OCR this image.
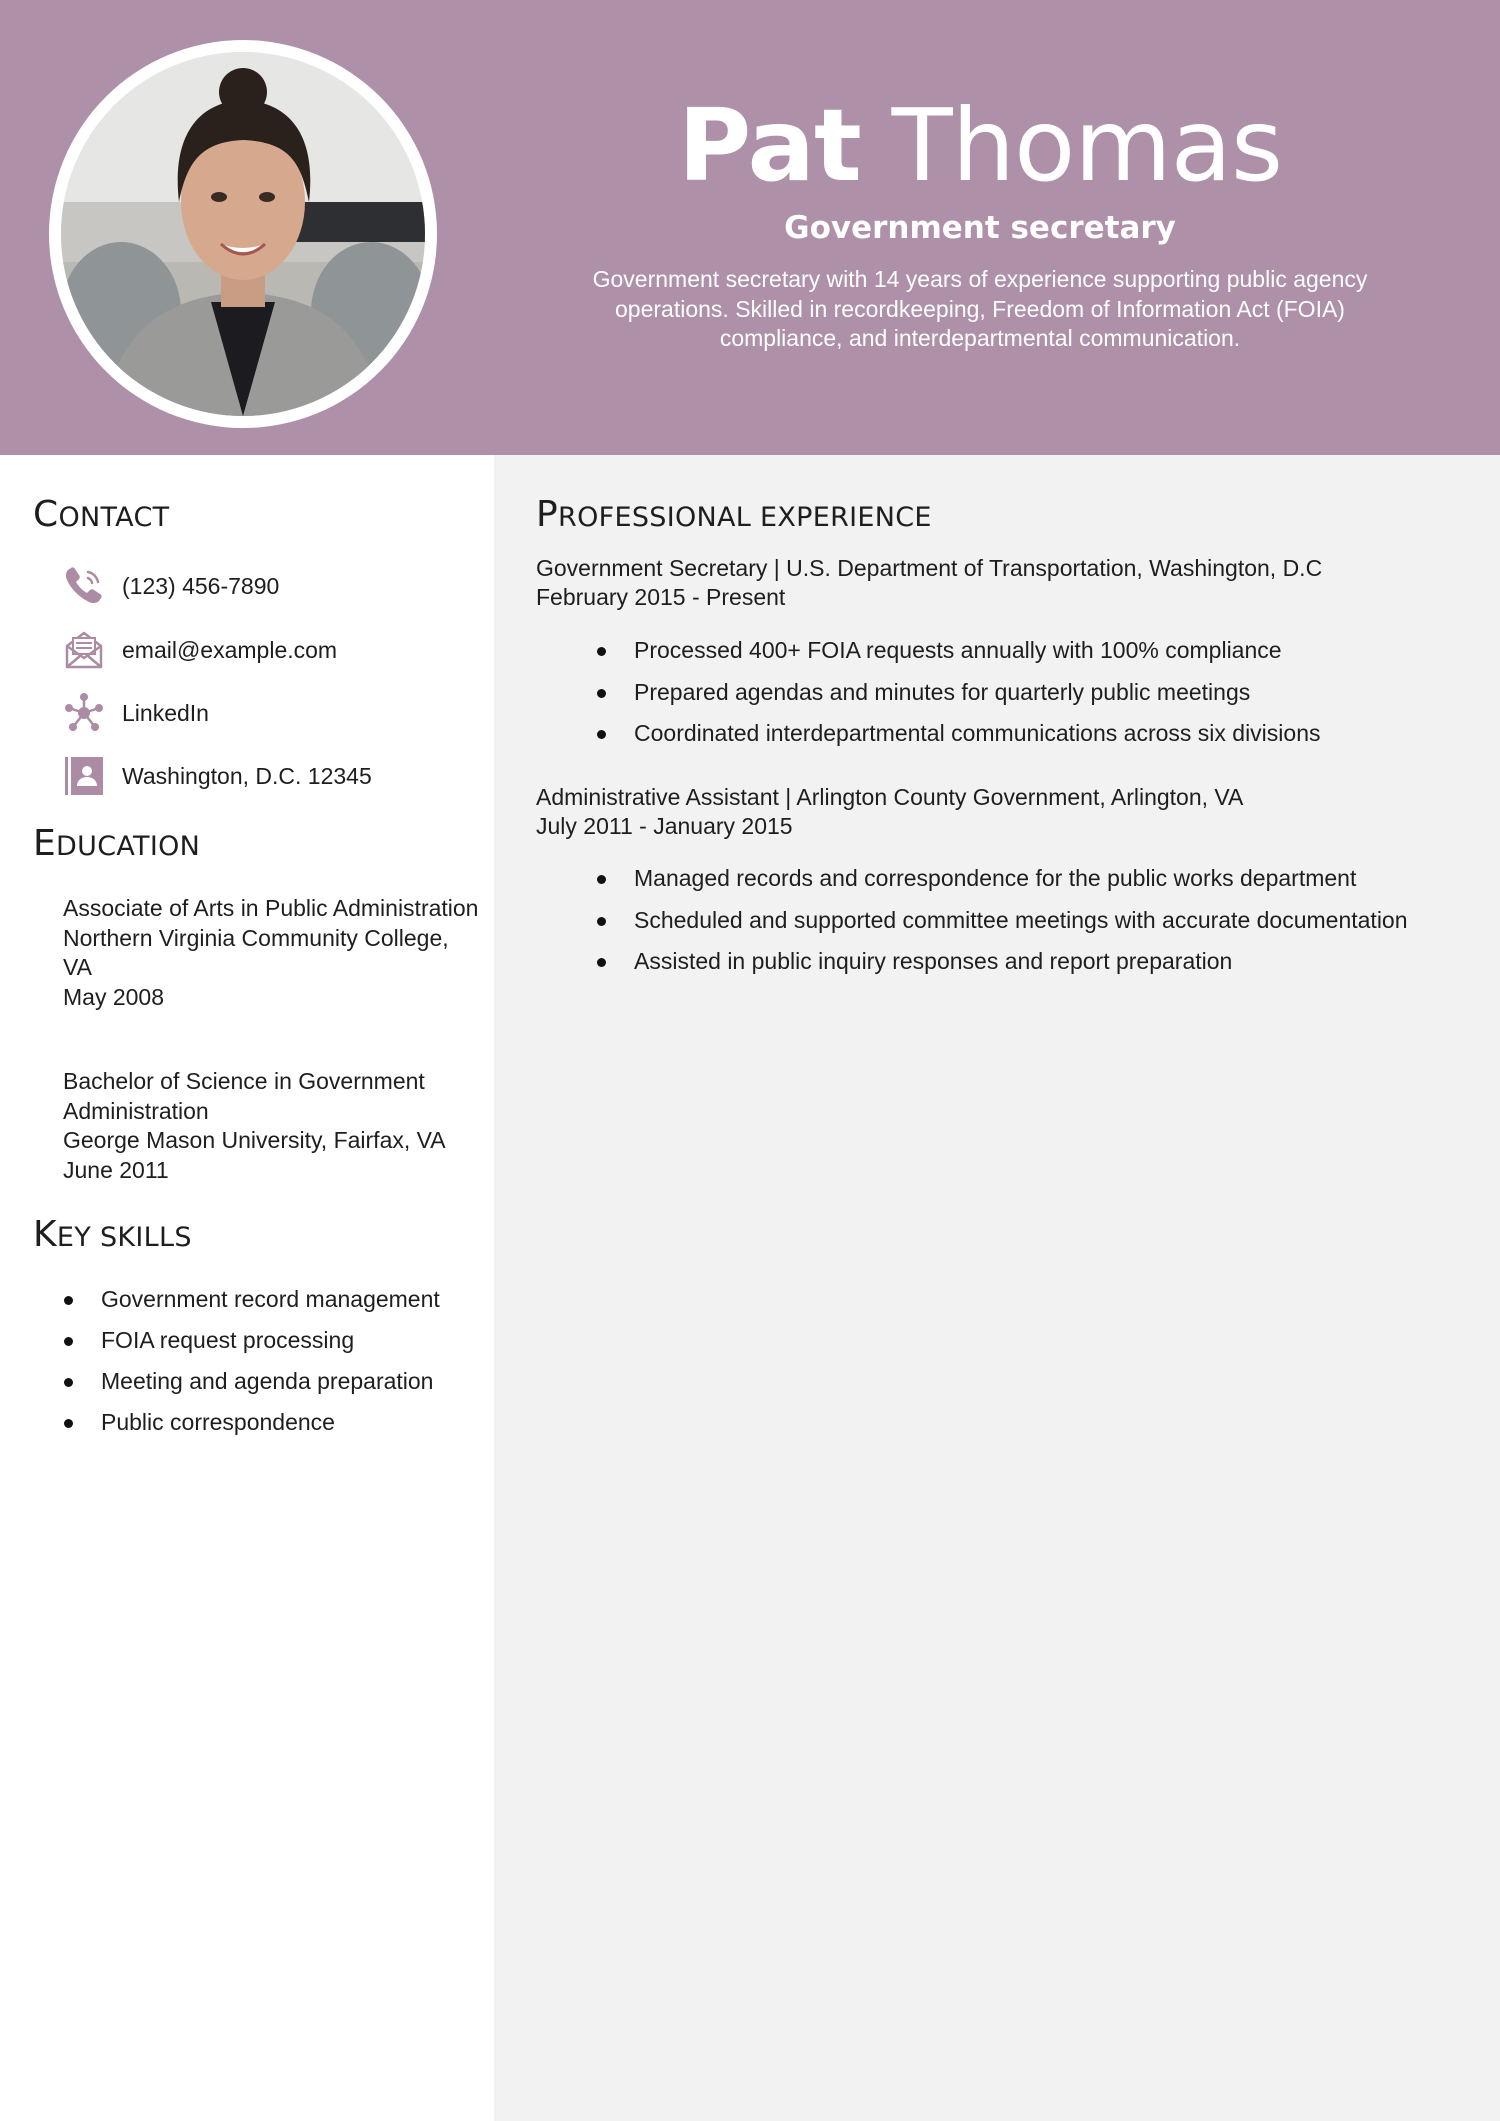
Pat Thomas
Government secretary
Government secretary with 14 years of experience supporting public agency operations. Skilled in recordkeeping, Freedom of Information Act (FOIA) compliance, and interdepartmental communication.
CONTACT
(123) 456-7890
email@example.com
LinkedIn
Washington, D.C. 12345
EDUCATION
Associate of Arts in Public Administration
Northern Virginia Community College, VA
May 2008
Bachelor of Science in Government Administration
George Mason University, Fairfax, VA
June 2011
KEY SKILLS
Government record management
FOIA request processing
Meeting and agenda preparation
Public correspondence
PROFESSIONAL EXPERIENCE
Government Secretary | U.S. Department of Transportation, Washington, D.C
February 2015 - Present
Processed 400+ FOIA requests annually with 100% compliance
Prepared agendas and minutes for quarterly public meetings
Coordinated interdepartmental communications across six divisions
Administrative Assistant | Arlington County Government, Arlington, VA
July 2011 - January 2015
Managed records and correspondence for the public works department
Scheduled and supported committee meetings with accurate documentation
Assisted in public inquiry responses and report preparation
